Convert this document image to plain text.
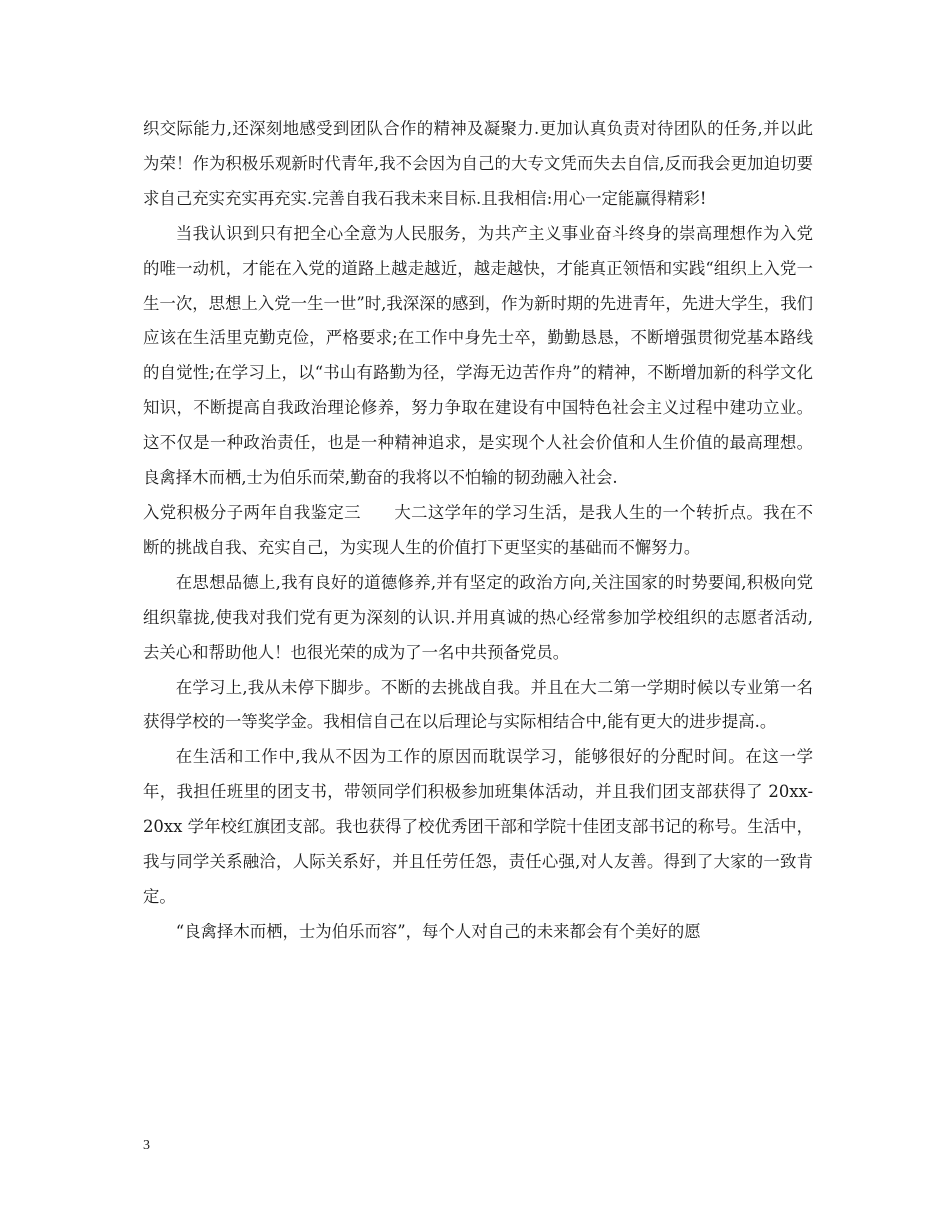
织交际能力,还深刻地感受到团队合作的精神及凝聚力.更加认真负责对待团队的任务,并以此为荣！作为积极乐观新时代青年,我不会因为自己的大专文凭而失去自信,反而我会更加迫切要求自己充实充实再充实.完善自我石我未来目标.且我相信:用心一定能赢得精彩!

当我认识到只有把全心全意为人民服务，为共产主义事业奋斗终身的崇高理想作为入党的唯一动机，才能在入党的道路上越走越近，越走越快，才能真正领悟和实践“组织上入党一生一次，思想上入党一生一世”时,我深深的感到，作为新时期的先进青年，先进大学生，我们应该在生活里克勤克俭，严格要求;在工作中身先士卒，勤勤恳恳，不断增强贯彻党基本路线的自觉性;在学习上，以“书山有路勤为径，学海无边苦作舟”的精神，不断增加新的科学文化知识，不断提高自我政治理论修养，努力争取在建设有中国特色社会主义过程中建功立业。这不仅是一种政治责任，也是一种精神追求，是实现个人社会价值和人生价值的最高理想。良禽择木而栖,士为伯乐而荣,勤奋的我将以不怕输的韧劲融入社会.

入党积极分子两年自我鉴定三　　大二这学年的学习生活，是我人生的一个转折点。我在不断的挑战自我、充实自己，为实现人生的价值打下更坚实的基础而不懈努力。

在思想品德上,我有良好的道德修养,并有坚定的政治方向,关注国家的时势要闻,积极向党组织靠拢,使我对我们党有更为深刻的认识.并用真诚的热心经常参加学校组织的志愿者活动,去关心和帮助他人！也很光荣的成为了一名中共预备党员。

在学习上,我从未停下脚步。不断的去挑战自我。并且在大二第一学期时候以专业第一名获得学校的一等奖学金。我相信自己在以后理论与实际相结合中,能有更大的进步提高.。

在生活和工作中,我从不因为工作的原因而耽误学习，能够很好的分配时间。在这一学年，我担任班里的团支书，带领同学们积极参加班集体活动，并且我们团支部获得了 20xx-20xx 学年校红旗团支部。我也获得了校优秀团干部和学院十佳团支部书记的称号。生活中，我与同学关系融洽，人际关系好，并且任劳任怨，责任心强,对人友善。得到了大家的一致肯定。

“良禽择木而栖，士为伯乐而容”，每个人对自己的未来都会有个美好的愿

3
